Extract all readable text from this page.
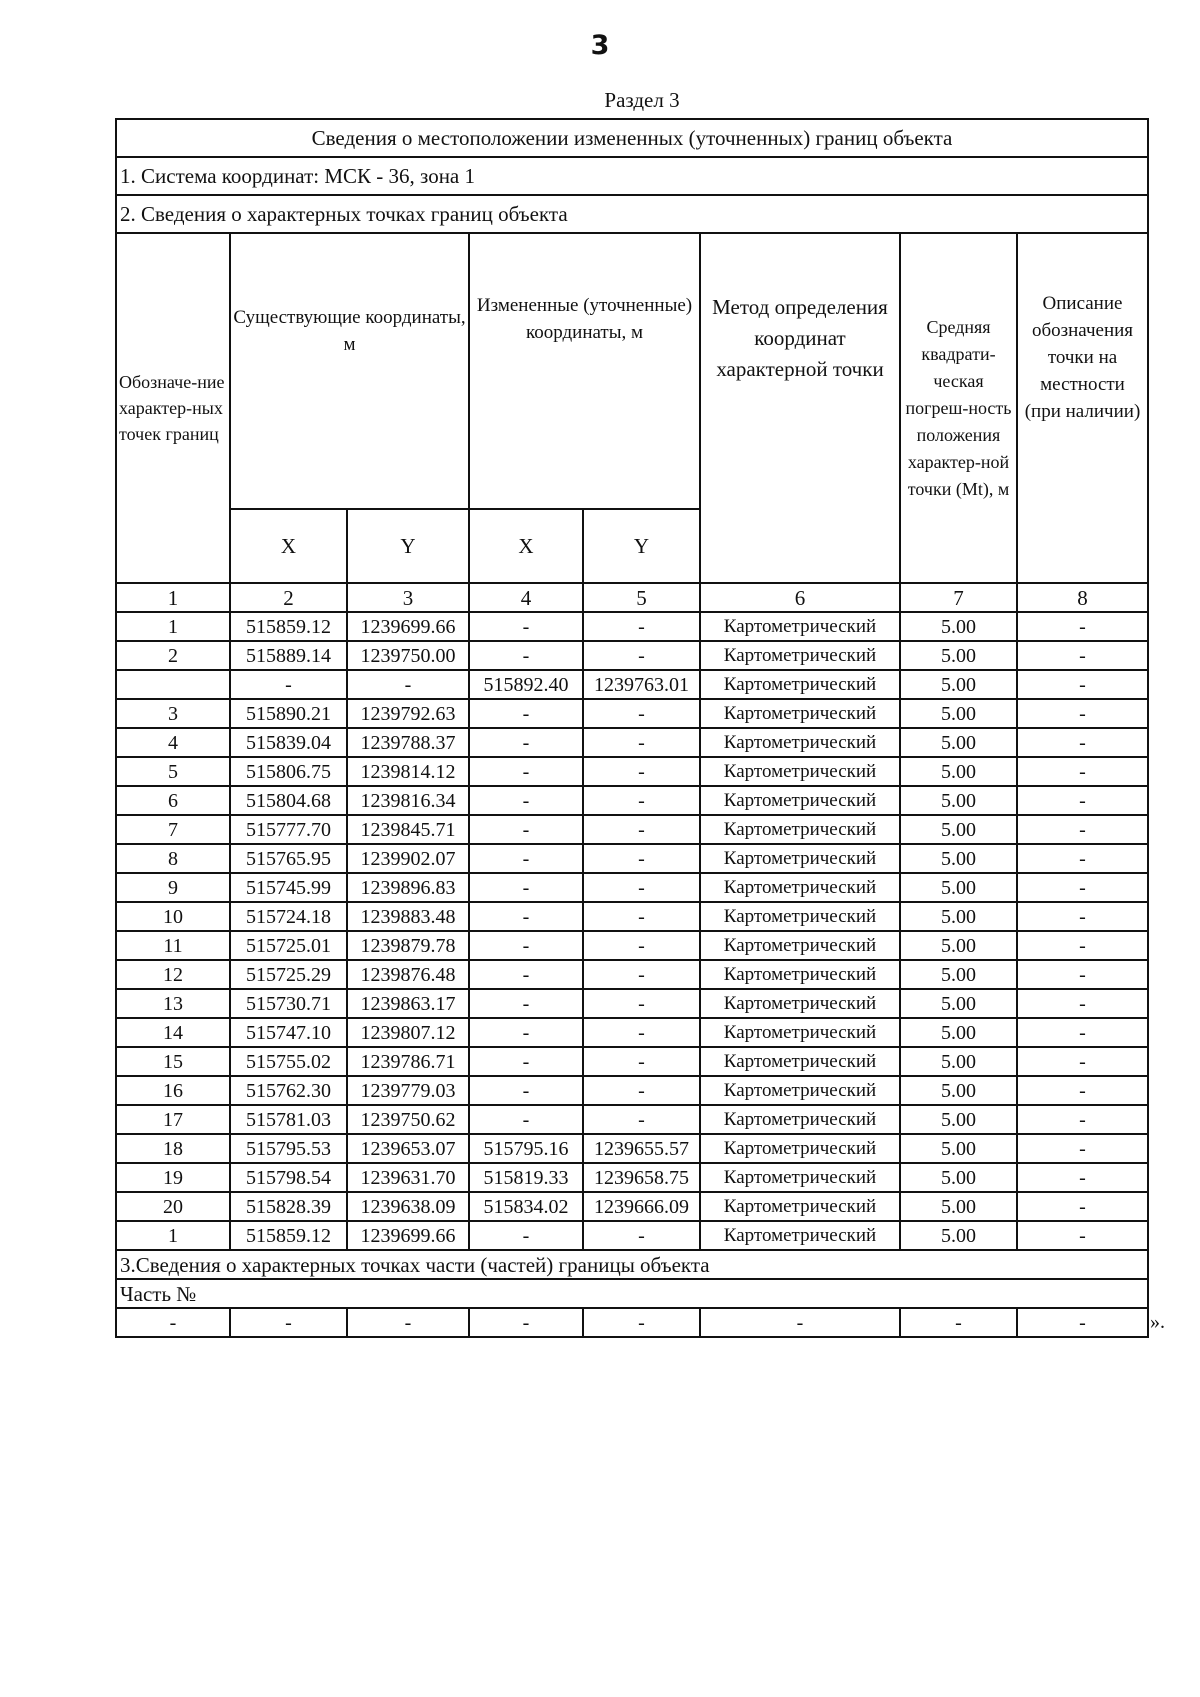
3
Раздел 3
Сведения о местоположении измененных (уточненных) границ объекта							
1. Система координат: МСК - 36, зона 1							
2. Сведения о характерных точках границ объекта							
Обозначе-ние характер-ных точек границ	Существующие координаты, м		Измененные (уточненные) координаты, м		Метод определения координат характерной точки	Средняя квадрати-ческая погреш-ность положения характер-ной точки (Mt), м	Описание обозначения точки на местности (при наличии)
	X	Y	X	Y			
1	2	3	4	5	6	7	8
1	515859.12	1239699.66	-	-	Картометрический	5.00	-
2	515889.14	1239750.00	-	-	Картометрический	5.00	-
	-	-	515892.40	1239763.01	Картометрический	5.00	-
3	515890.21	1239792.63	-	-	Картометрический	5.00	-
4	515839.04	1239788.37	-	-	Картометрический	5.00	-
5	515806.75	1239814.12	-	-	Картометрический	5.00	-
6	515804.68	1239816.34	-	-	Картометрический	5.00	-
7	515777.70	1239845.71	-	-	Картометрический	5.00	-
8	515765.95	1239902.07	-	-	Картометрический	5.00	-
9	515745.99	1239896.83	-	-	Картометрический	5.00	-
10	515724.18	1239883.48	-	-	Картометрический	5.00	-
11	515725.01	1239879.78	-	-	Картометрический	5.00	-
12	515725.29	1239876.48	-	-	Картометрический	5.00	-
13	515730.71	1239863.17	-	-	Картометрический	5.00	-
14	515747.10	1239807.12	-	-	Картометрический	5.00	-
15	515755.02	1239786.71	-	-	Картометрический	5.00	-
16	515762.30	1239779.03	-	-	Картометрический	5.00	-
17	515781.03	1239750.62	-	-	Картометрический	5.00	-
18	515795.53	1239653.07	515795.16	1239655.57	Картометрический	5.00	-
19	515798.54	1239631.70	515819.33	1239658.75	Картометрический	5.00	-
20	515828.39	1239638.09	515834.02	1239666.09	Картометрический	5.00	-
1	515859.12	1239699.66	-	-	Картометрический	5.00	-
3.Сведения о характерных точках части (частей) границы объекта							
Часть №							
-	-	-	-	-	-	-	-	».
